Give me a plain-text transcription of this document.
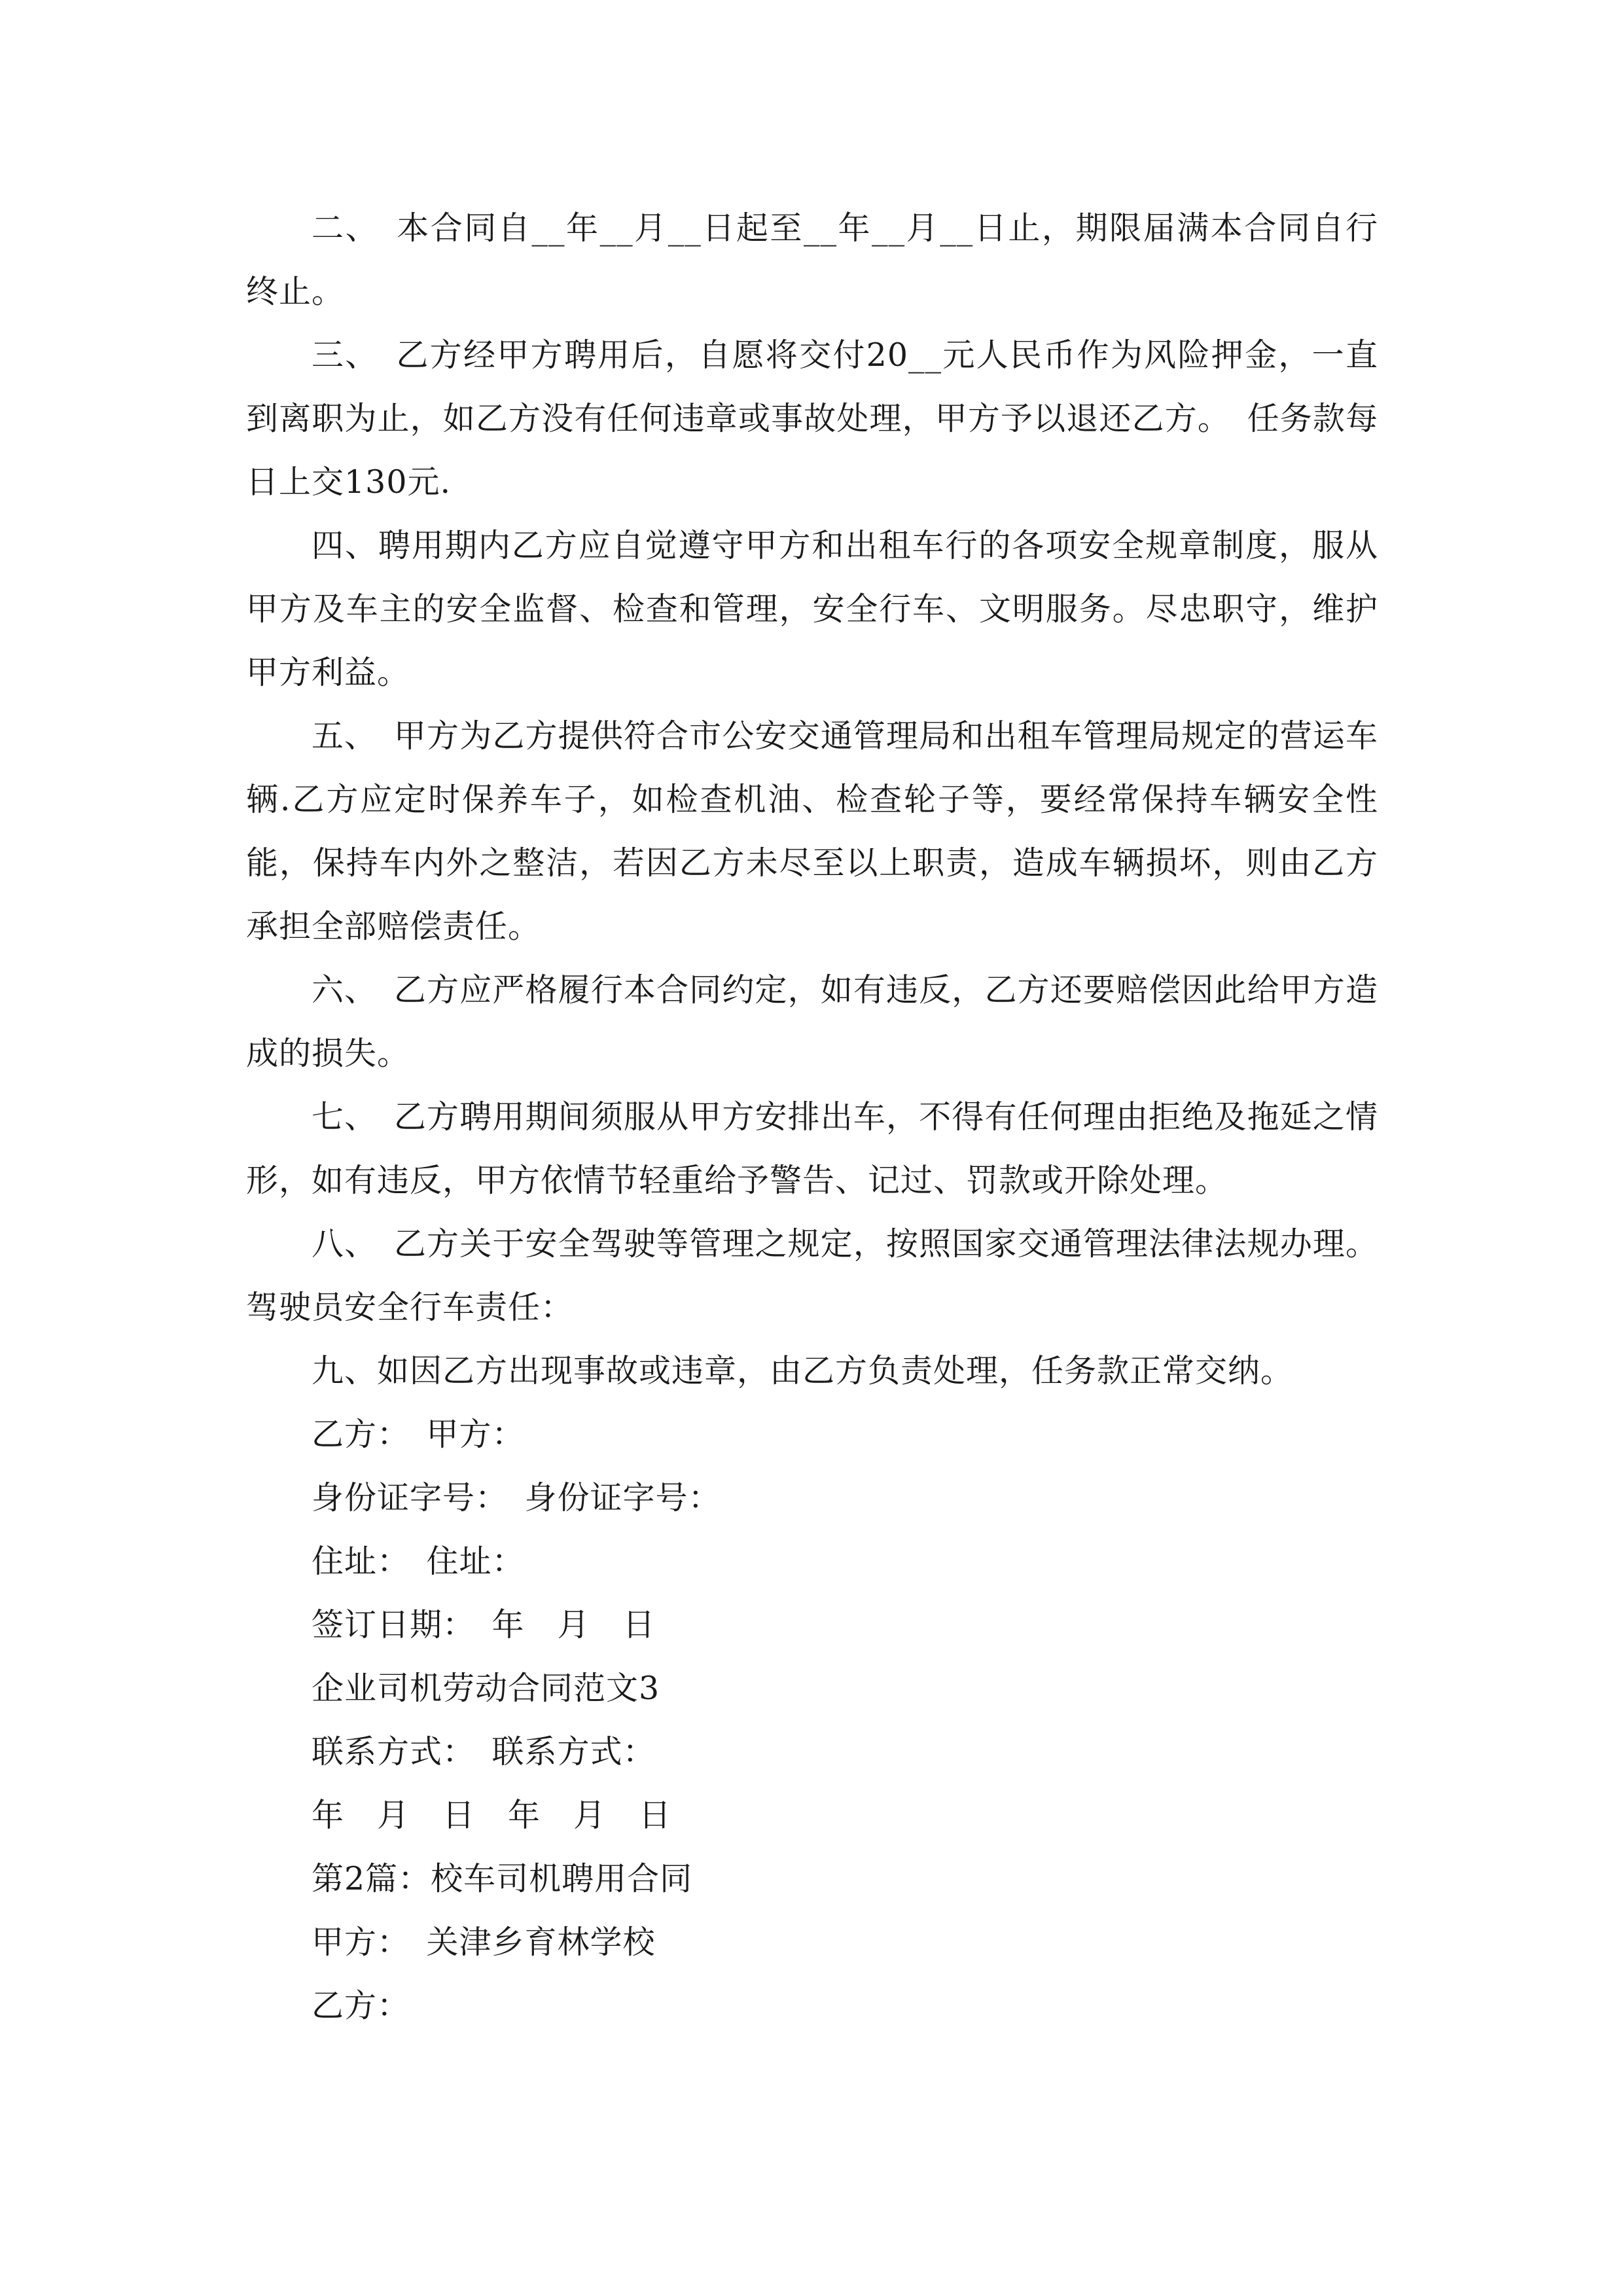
二、　本合同自__年__月__日起至__年__月__日止，期限届满本合同自行终止。

三、　乙方经甲方聘用后，自愿将交付20__元人民币作为风险押金，一直到离职为止，如乙方没有任何违章或事故处理，甲方予以退还乙方。　任务款每日上交130元.

四、聘用期内乙方应自觉遵守甲方和出租车行的各项安全规章制度，服从甲方及车主的安全监督、检查和管理，安全行车、文明服务。尽忠职守，维护甲方利益。

五、　甲方为乙方提供符合市公安交通管理局和出租车管理局规定的营运车辆.乙方应定时保养车子，如检查机油、检查轮子等，要经常保持车辆安全性能，保持车内外之整洁，若因乙方未尽至以上职责，造成车辆损坏，则由乙方承担全部赔偿责任。

六、　乙方应严格履行本合同约定，如有违反，乙方还要赔偿因此给甲方造成的损失。

七、　乙方聘用期间须服从甲方安排出车，不得有任何理由拒绝及拖延之情形，如有违反，甲方依情节轻重给予警告、记过、罚款或开除处理。

八、　乙方关于安全驾驶等管理之规定，按照国家交通管理法律法规办理。驾驶员安全行车责任：

九、如因乙方出现事故或违章，由乙方负责处理，任务款正常交纳。

乙方：　甲方：
身份证字号：　身份证字号：
住址：　住址：
签订日期：　年　月　日
企业司机劳动合同范文3
联系方式：　联系方式：
年　月　日　年　月　日
第2篇：校车司机聘用合同
甲方：　关津乡育林学校
乙方：
